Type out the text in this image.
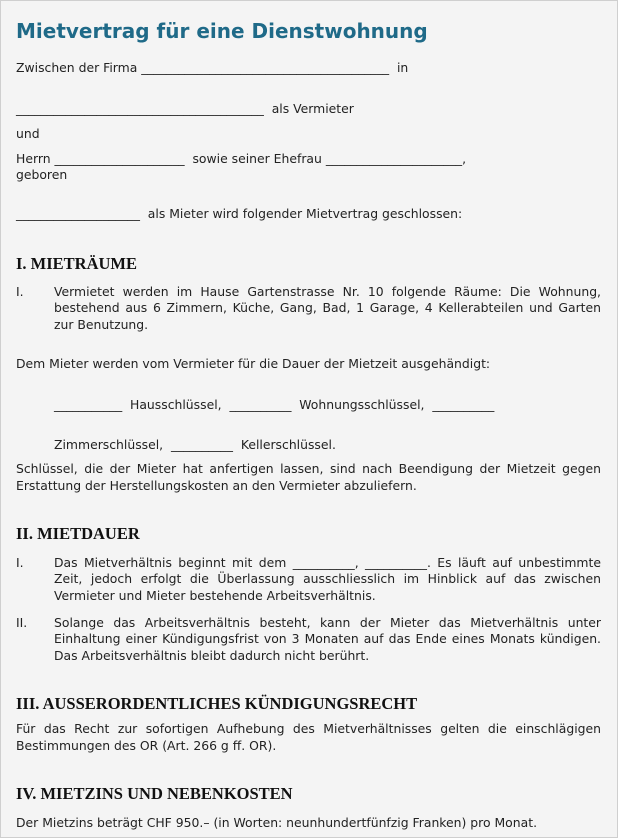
Mietvertrag für eine Dienstwohnung
Zwischen der Firma ________________________________________  in
________________________________________  als Vermieter
und
Herrn _____________________  sowie seiner Ehefrau ______________________,
geboren
____________________  als Mieter wird folgender Mietvertrag geschlossen:
I. MIETRÄUME
I. Vermietet werden im Hause Gartenstrasse Nr. 10 folgende Räume: Die Wohnung, bestehend aus 6 Zimmern, Küche, Gang, Bad, 1 Garage, 4 Kellerabteilen und Garten zur Benutzung.
Dem Mieter werden vom Vermieter für die Dauer der Mietzeit ausgehändigt:
___________  Hausschlüssel,  __________  Wohnungsschlüssel,  __________
Zimmerschlüssel,  __________  Kellerschlüssel.
Schlüssel, die der Mieter hat anfertigen lassen, sind nach Beendigung der Mietzeit gegen Erstattung der Herstellungskosten an den Vermieter abzuliefern.
II. MIETDAUER
I. Das Mietverhältnis beginnt mit dem __________, __________. Es läuft auf unbestimmte Zeit, jedoch erfolgt die Überlassung ausschliesslich im Hinblick auf das zwischen Vermieter und Mieter bestehende Arbeitsverhältnis.
II. Solange das Arbeitsverhältnis besteht, kann der Mieter das Mietverhältnis unter Einhaltung einer Kündigungsfrist von 3 Monaten auf das Ende eines Monats kündigen. Das Arbeitsverhältnis bleibt dadurch nicht berührt.
III. AUSSERORDENTLICHES KÜNDIGUNGSRECHT
Für das Recht zur sofortigen Aufhebung des Mietverhältnisses gelten die einschlägigen Bestimmungen des OR (Art. 266 g ff. OR).
IV. MIETZINS UND NEBENKOSTEN
Der Mietzins beträgt CHF 950.– (in Worten: neunhundertfünfzig Franken) pro Monat.
